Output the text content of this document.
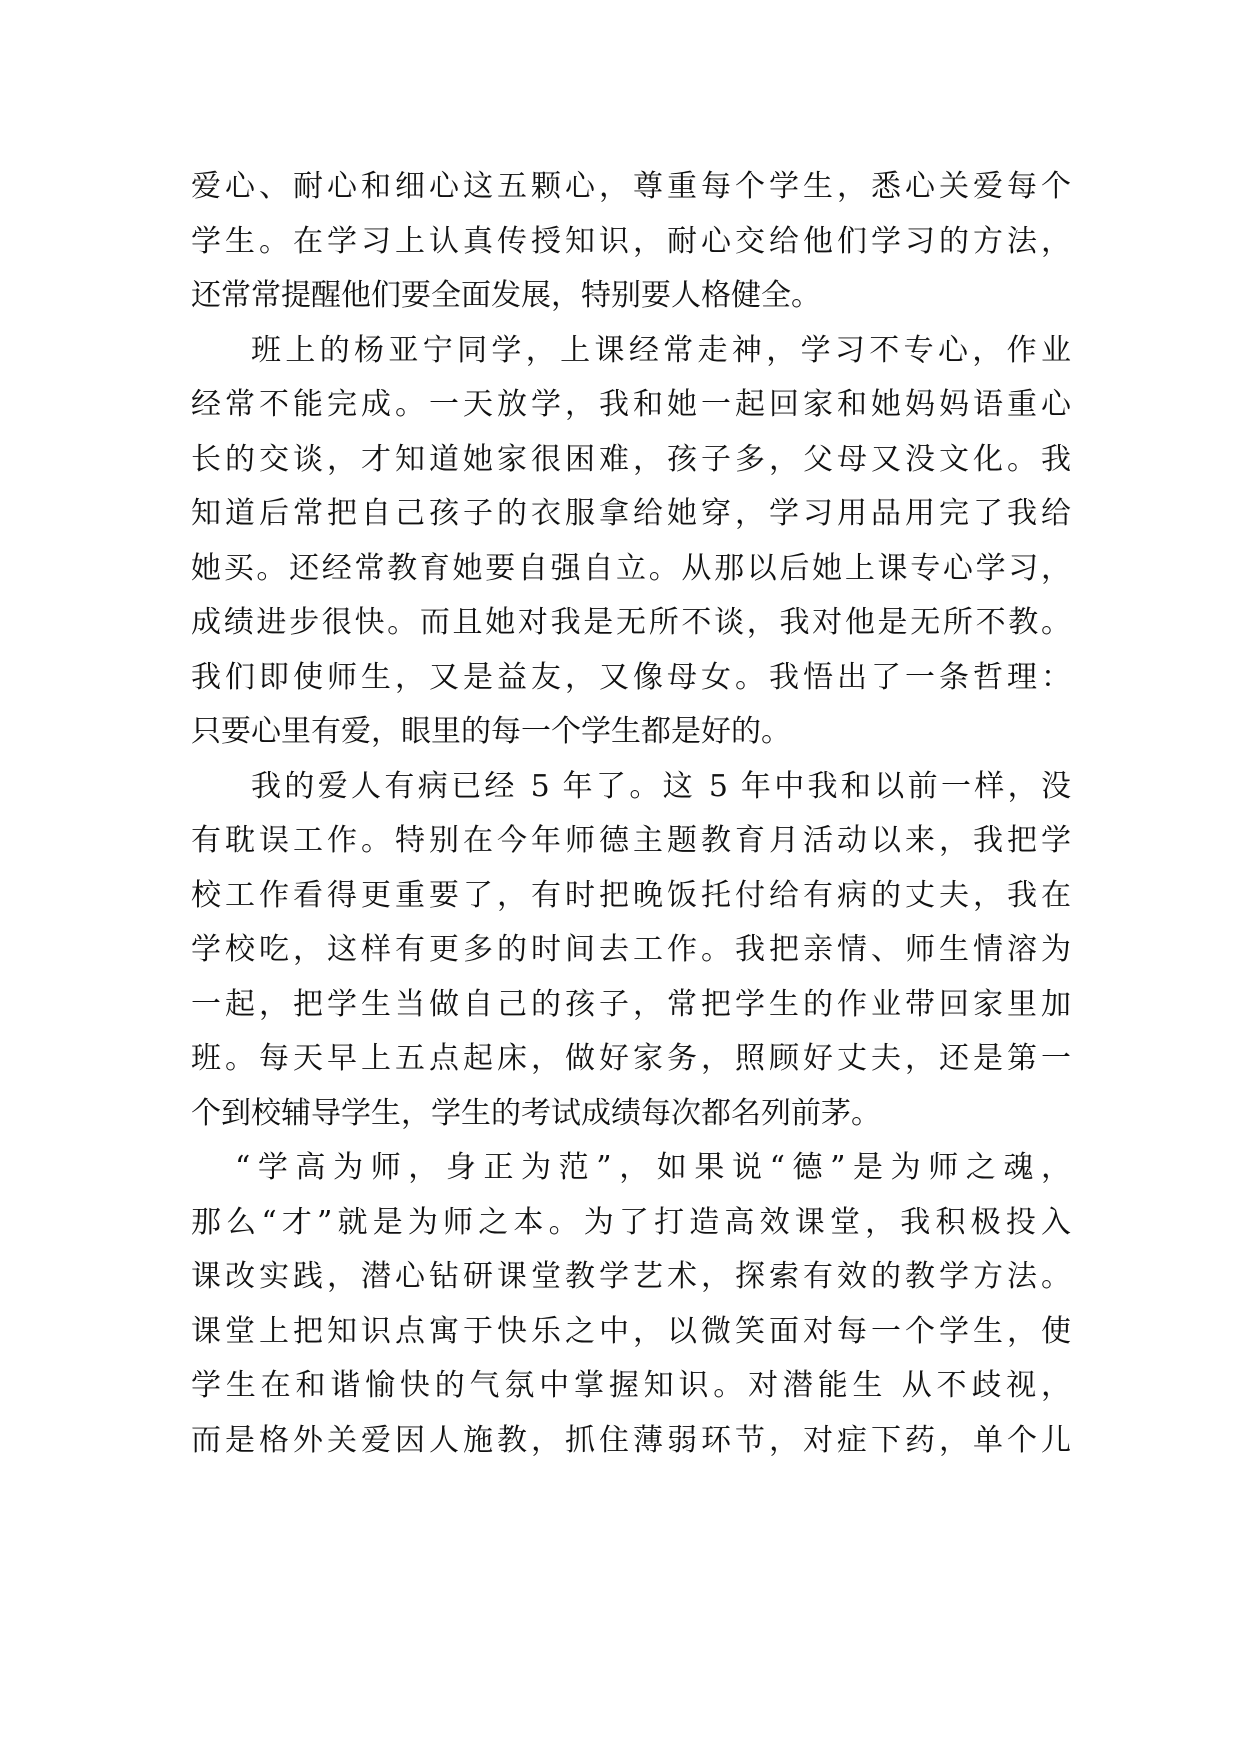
爱心、耐心和细心这五颗心，尊重每个学生，悉心关爱每个
学生。在学习上认真传授知识，耐心交给他们学习的方法，
还常常提醒他们要全面发展，特别要人格健全。
班上的杨亚宁同学，上课经常走神，学习不专心，作业
经常不能完成。一天放学，我和她一起回家和她妈妈语重心
长的交谈，才知道她家很困难，孩子多，父母又没文化。我
知道后常把自己孩子的衣服拿给她穿，学习用品用完了我给
她买。还经常教育她要自强自立。从那以后她上课专心学习，
成绩进步很快。而且她对我是无所不谈，我对他是无所不教。
我们即使师生，又是益友，又像母女。我悟出了一条哲理：
只要心里有爱，眼里的每一个学生都是好的。
我的爱人有病已经 5 年了。这 5 年中我和以前一样，没
有耽误工作。特别在今年师德主题教育月活动以来，我把学
校工作看得更重要了，有时把晚饭托付给有病的丈夫，我在
学校吃，这样有更多的时间去工作。我把亲情、师生情溶为
一起，把学生当做自己的孩子，常把学生的作业带回家里加
班。每天早上五点起床，做好家务，照顾好丈夫，还是第一
个到校辅导学生，学生的考试成绩每次都名列前茅。
“学高为师，身正为范”，如果说“德”是为师之魂，
那么“才”就是为师之本。为了打造高效课堂，我积极投入
课改实践，潜心钻研课堂教学艺术，探索有效的教学方法。
课堂上把知识点寓于快乐之中，以微笑面对每一个学生，使
学生在和谐愉快的气氛中掌握知识。对潜能生 从不歧视，
而是格外关爱因人施教，抓住薄弱环节，对症下药，单个儿
